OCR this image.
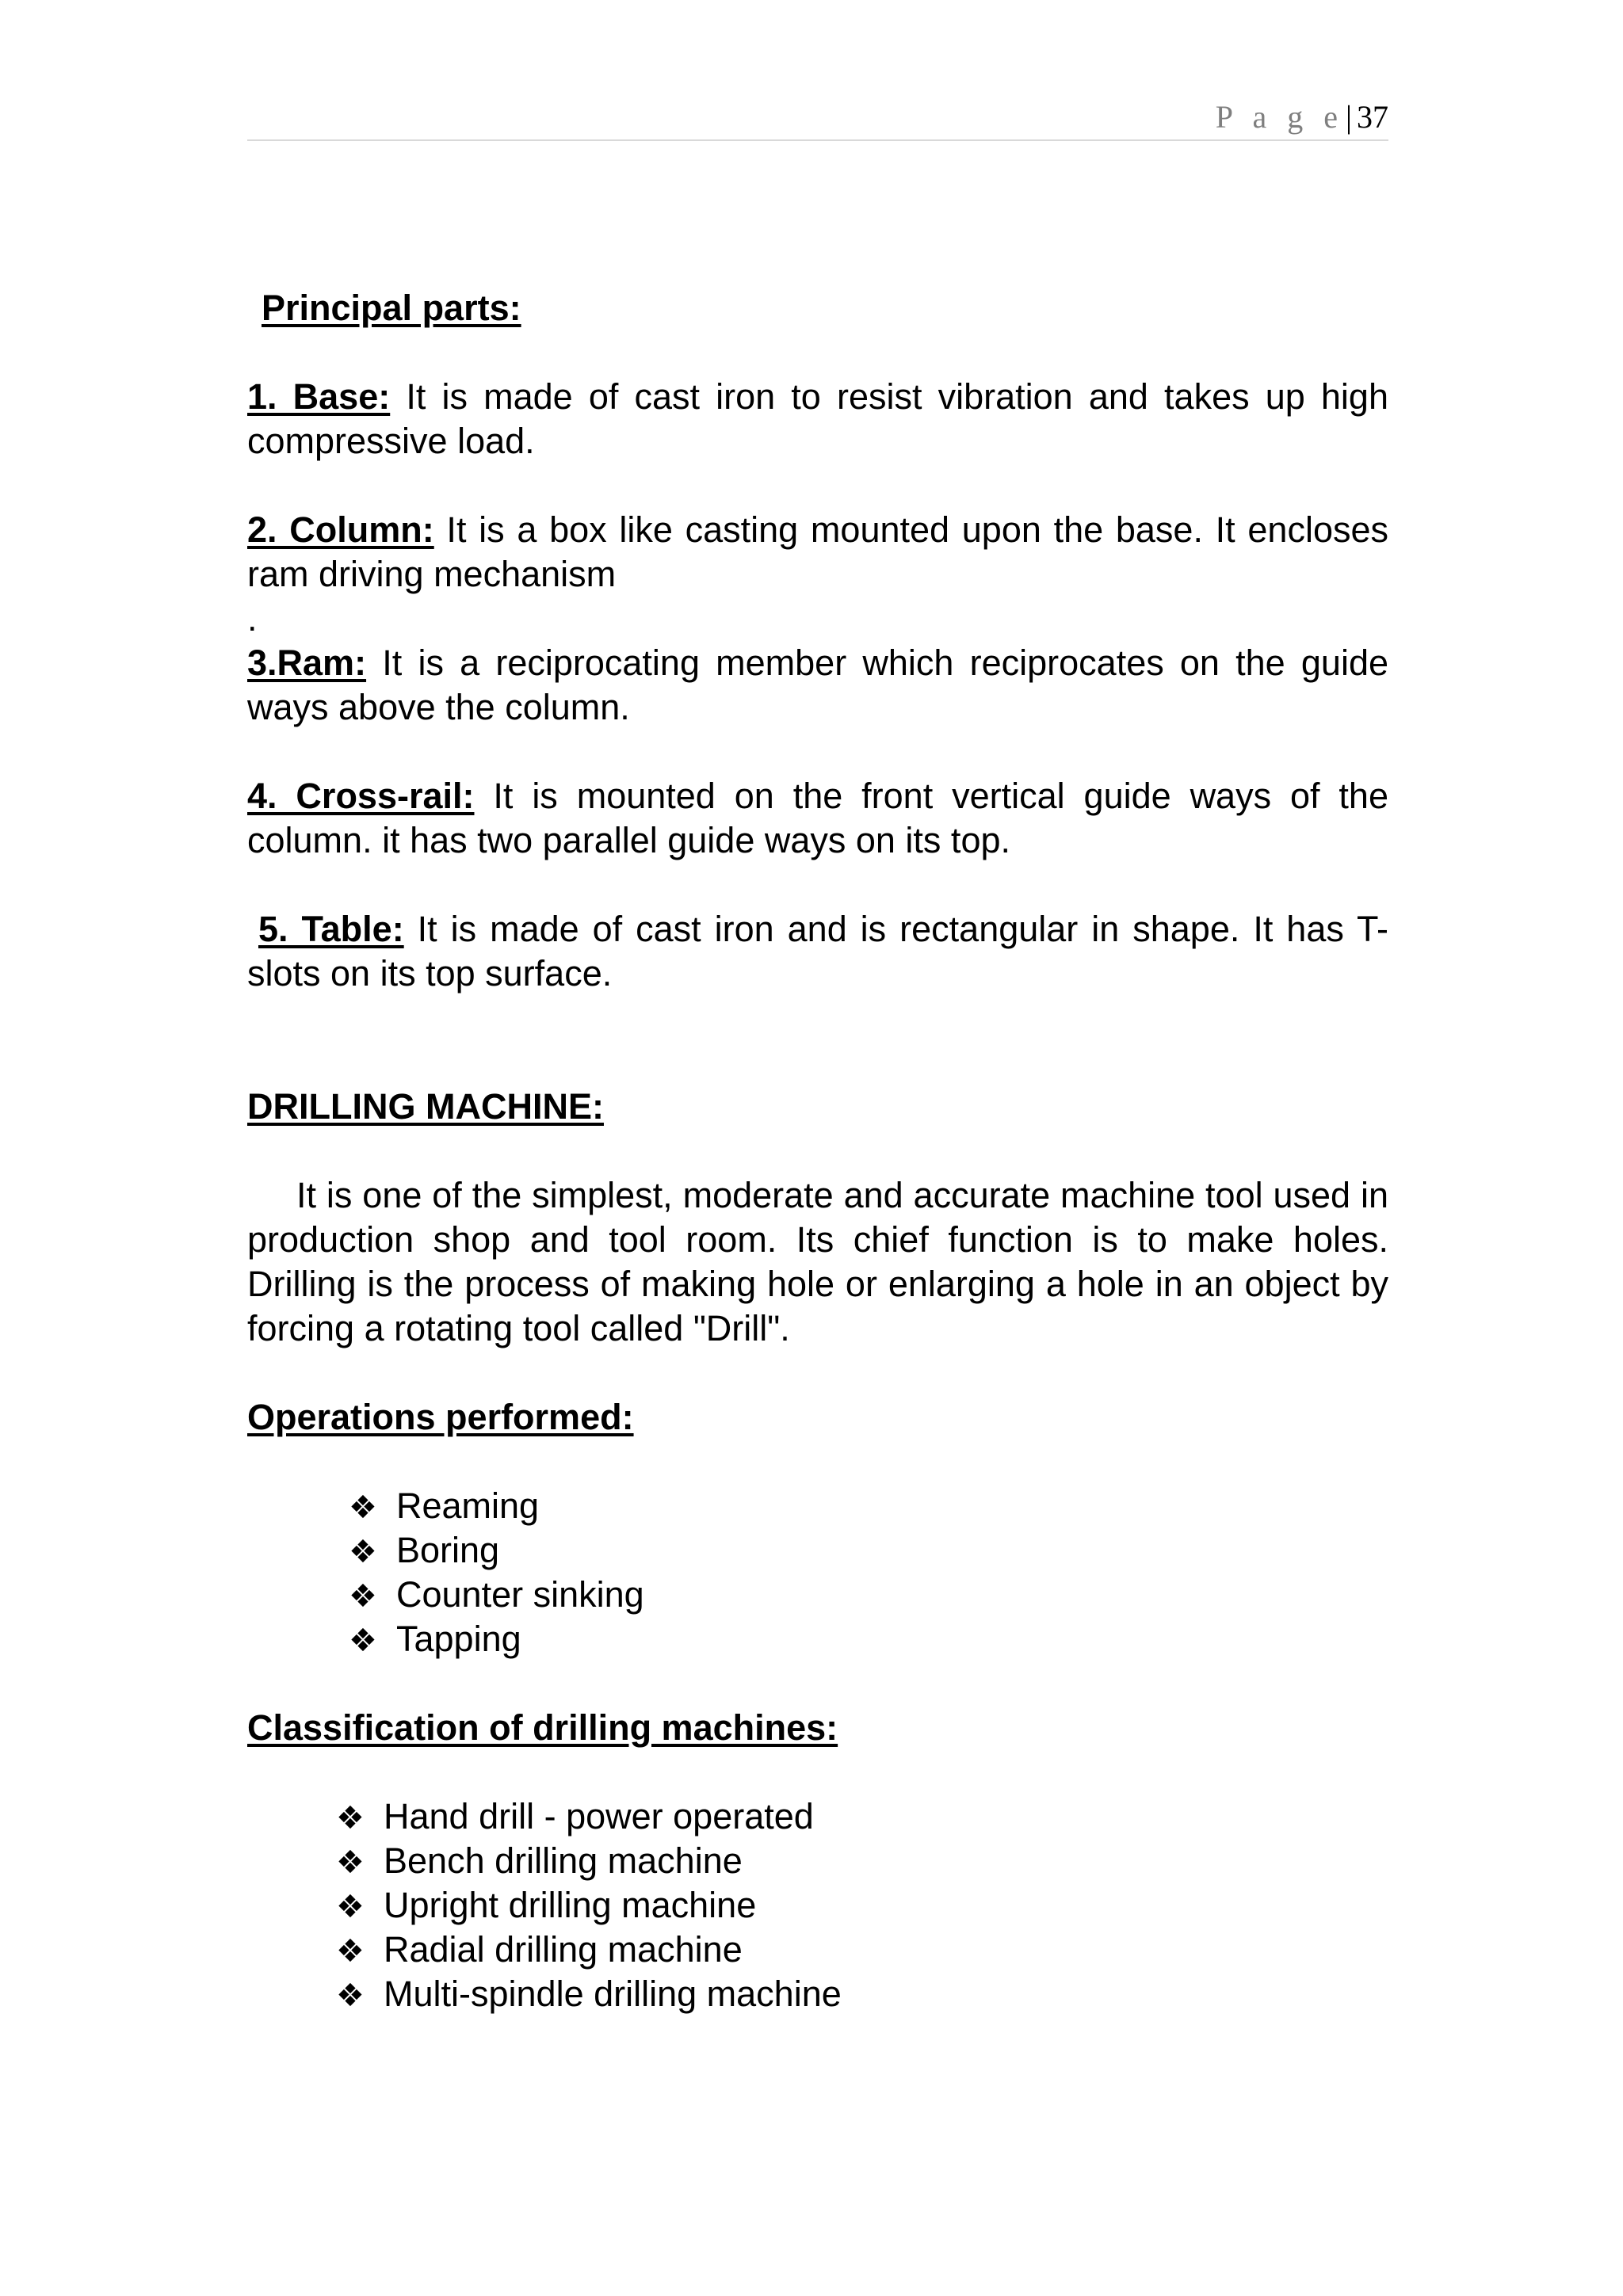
P a g e| 37
Principal parts:
1. Base: It is made of cast iron to resist vibration and takes up high compressive load.
2. Column: It is a box like casting mounted upon the base. It encloses ram driving mechanism
.
3.Ram: It is a reciprocating member which reciprocates on the guide ways above the column.
4. Cross-rail: It is mounted on the front vertical guide ways of the column. it has two parallel guide ways on its top.
5. Table: It is made of cast iron and is rectangular in shape. It has T- slots on its top surface.
DRILLING MACHINE:
It is one of the simplest, moderate and accurate machine tool used in production shop and tool room. Its chief function is to make holes. Drilling is the process of making hole or enlarging a hole in an object by forcing a rotating tool called "Drill".
Operations performed:
❖ Reaming
❖ Boring
❖ Counter sinking
❖ Tapping
Classification of drilling machines:
❖ Hand drill - power operated
❖ Bench drilling machine
❖ Upright drilling machine
❖ Radial drilling machine
❖ Multi-spindle drilling machine
